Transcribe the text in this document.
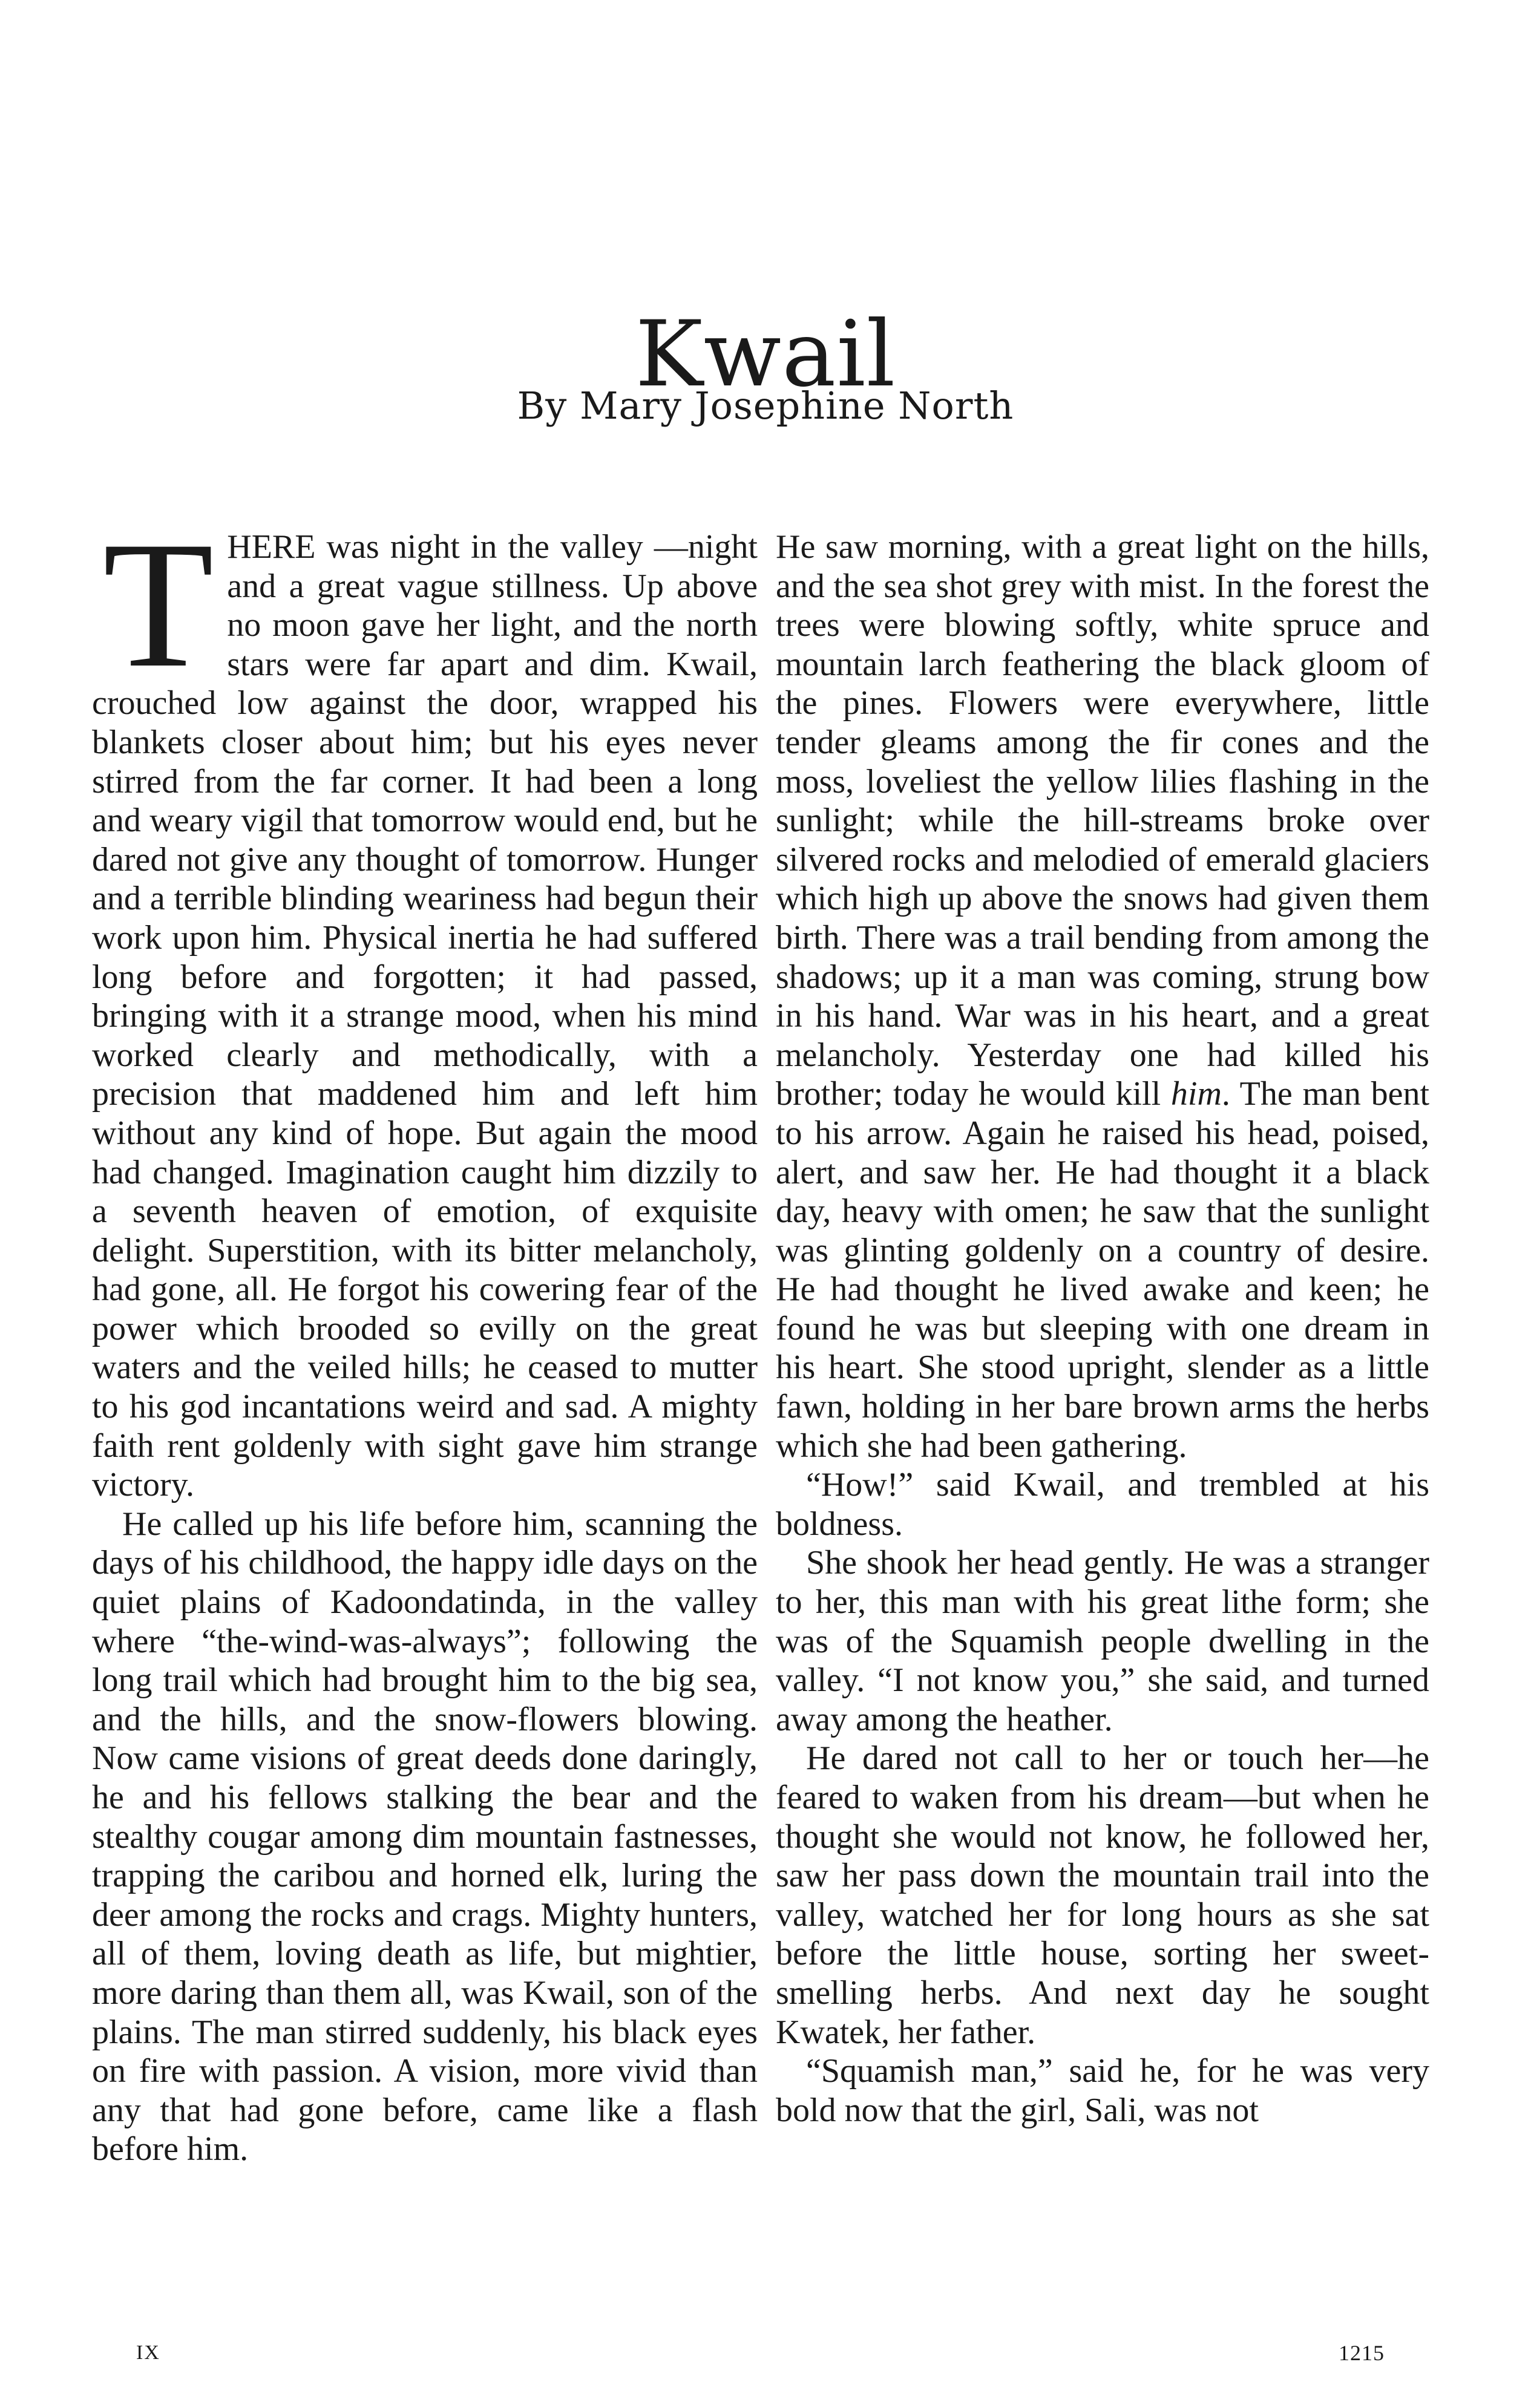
Kwail
By Mary Josephine North

THERE was night in the valley —night and a great vague stillness. Up above no moon gave her light, and the north stars were far apart and dim. Kwail, crouched low against the door, wrapped his blankets closer about him; but his eyes never stirred from the far corner. It had been a long and weary vigil that tomorrow would end, but he dared not give any thought of tomorrow. Hunger and a terrible blinding weariness had begun their work upon him. Physical inertia he had suffered long before and forgotten; it had passed, bringing with it a strange mood, when his mind worked clearly and methodically, with a precision that maddened him and left him without any kind of hope. But again the mood had changed. Imagination caught him dizzily to a seventh heaven of emotion, of exquisite delight. Superstition, with its bitter melancholy, had gone, all. He forgot his cowering fear of the power which brooded so evilly on the great waters and the veiled hills; he ceased to mutter to his god incantations weird and sad. A mighty faith rent goldenly with sight gave him strange victory.

He called up his life before him, scanning the days of his childhood, the happy idle days on the quiet plains of Kadoondatinda, in the valley where “the-wind-was-always”; following the long trail which had brought him to the big sea, and the hills, and the snow-flowers blowing. Now came visions of great deeds done daringly, he and his fellows stalking the bear and the stealthy cougar among dim mountain fastnesses, trapping the caribou and horned elk, luring the deer among the rocks and crags. Mighty hunters, all of them, loving death as life, but mightier, more daring than them all, was Kwail, son of the plains. The man stirred suddenly, his black eyes on fire with passion. A vision, more vivid than any that had gone before, came like a flash before him.

He saw morning, with a great light on the hills, and the sea shot grey with mist. In the forest the trees were blowing softly, white spruce and mountain larch feathering the black gloom of the pines. Flowers were everywhere, little tender gleams among the fir cones and the moss, loveliest the yellow lilies flashing in the sunlight; while the hill-streams broke over silvered rocks and melodied of emerald glaciers which high up above the snows had given them birth. There was a trail bending from among the shadows; up it a man was coming, strung bow in his hand. War was in his heart, and a great melancholy. Yesterday one had killed his brother; today he would kill him. The man bent to his arrow. Again he raised his head, poised, alert, and saw her. He had thought it a black day, heavy with omen; he saw that the sunlight was glinting goldenly on a country of desire. He had thought he lived awake and keen; he found he was but sleeping with one dream in his heart. She stood upright, slender as a little fawn, holding in her bare brown arms the herbs which she had been gathering.

“How!” said Kwail, and trembled at his boldness.

She shook her head gently. He was a stranger to her, this man with his great lithe form; she was of the Squamish people dwelling in the valley. “I not know you,” she said, and turned away among the heather.

He dared not call to her or touch her—he feared to waken from his dream—but when he thought she would not know, he followed her, saw her pass down the mountain trail into the valley, watched her for long hours as she sat before the little house, sorting her sweet-smelling herbs. And next day he sought Kwatek, her father.

“Squamish man,” said he, for he was very bold now that the girl, Sali, was not

IX	1215
